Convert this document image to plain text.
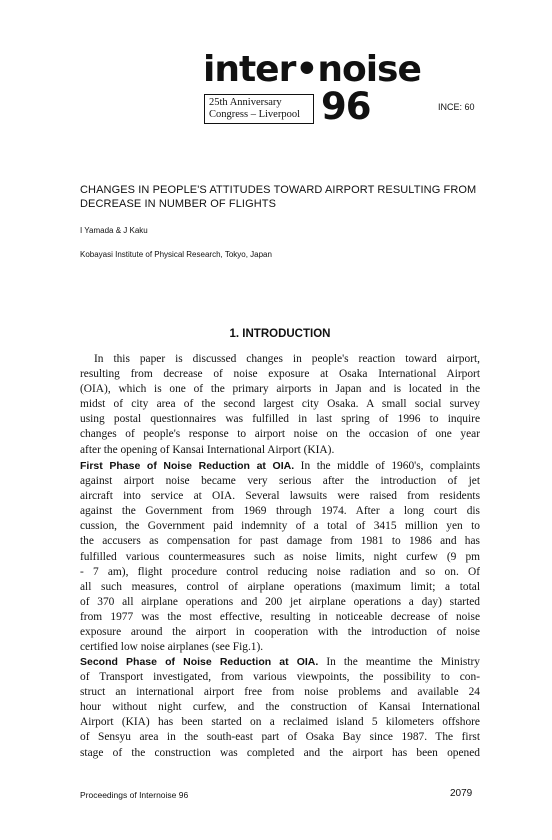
inter•noise
25th Anniversary
Congress – Liverpool 96	INCE: 60
CHANGES IN PEOPLE'S ATTITUDES TOWARD AIRPORT RESULTING FROM
DECREASE IN NUMBER OF FLIGHTS
I Yamada & J Kaku
Kobayasi Institute of Physical Research, Tokyo, Japan
1. INTRODUCTION
In this paper is discussed changes in people's reaction toward airport,
resulting from decrease of noise exposure at Osaka International Airport
(OIA), which is one of the primary airports in Japan and is located in the
midst of city area of the second largest city Osaka. A small social survey
using postal questionnaires was fulfilled in last spring of 1996 to inquire
changes of people's response to airport noise on the occasion of one year
after the opening of Kansai International Airport (KIA).
First Phase of Noise Reduction at OIA. In the middle of 1960's, complaints
against airport noise became very serious after the introduction of jet
aircraft into service at OIA. Several lawsuits were raised from residents
against the Government from 1969 through 1974. After a long court dis
cussion, the Government paid indemnity of a total of 3415 million yen to
the accusers as compensation for past damage from 1981 to 1986 and has
fulfilled various countermeasures such as noise limits, night curfew (9 pm
- 7 am), flight procedure control reducing noise radiation and so on. Of
all such measures, control of airplane operations (maximum limit; a total
of 370 all airplane operations and 200 jet airplane operations a day) started
from 1977 was the most effective, resulting in noticeable decrease of noise
exposure around the airport in cooperation with the introduction of noise
certified low noise airplanes (see Fig.1).
Second Phase of Noise Reduction at OIA. In the meantime the Ministry
of Transport investigated, from various viewpoints, the possibility to con-
struct an international airport free from noise problems and available 24
hour without night curfew, and the construction of Kansai International
Airport (KIA) has been started on a reclaimed island 5 kilometers offshore
of Sensyu area in the south-east part of Osaka Bay since 1987. The first
stage of the construction was completed and the airport has been opened
Proceedings of Internoise 96	2079
